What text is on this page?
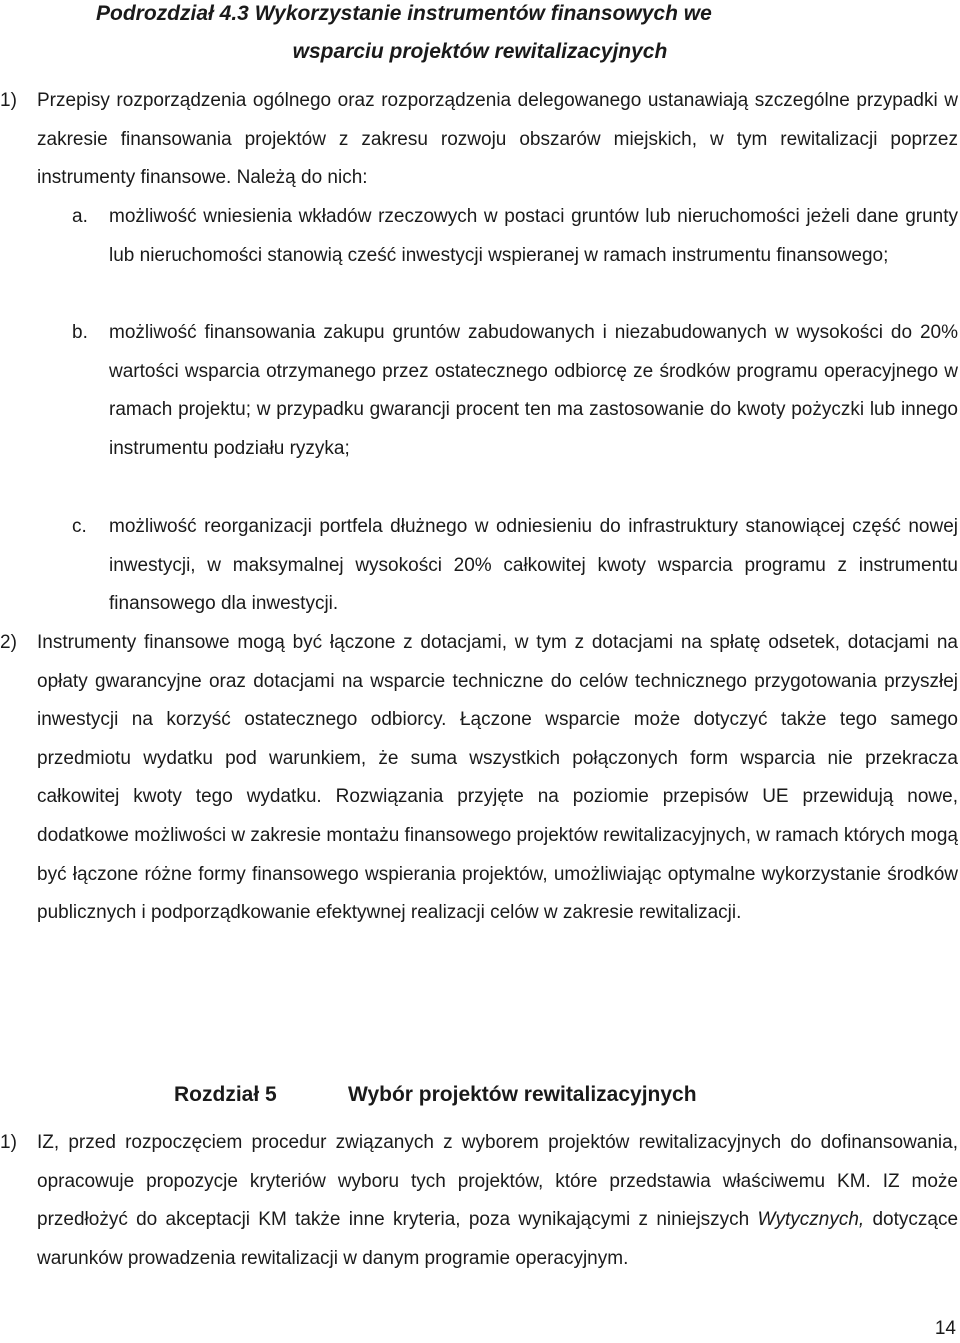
Podrozdział 4.3 Wykorzystanie instrumentów finansowych we
wsparciu projektów rewitalizacyjnych
1) Przepisy rozporządzenia ogólnego oraz rozporządzenia delegowanego ustanawiają szczególne przypadki w zakresie finansowania projektów z zakresu rozwoju obszarów miejskich, w tym rewitalizacji poprzez instrumenty finansowe. Należą do nich:

a. możliwość wniesienia wkładów rzeczowych w postaci gruntów lub nieruchomości jeżeli dane grunty lub nieruchomości stanowią cześć inwestycji wspieranej w ramach instrumentu finansowego;

b. możliwość finansowania zakupu gruntów zabudowanych i niezabudowanych w wysokości do 20% wartości wsparcia otrzymanego przez ostatecznego odbiorcę ze środków programu operacyjnego w ramach projektu; w przypadku gwarancji procent ten ma zastosowanie do kwoty pożyczki lub innego instrumentu podziału ryzyka;

c. możliwość reorganizacji portfela dłużnego w odniesieniu do infrastruktury stanowiącej część nowej inwestycji, w maksymalnej wysokości 20% całkowitej kwoty wsparcia programu z instrumentu finansowego dla inwestycji.

2) Instrumenty finansowe mogą być łączone z dotacjami, w tym z dotacjami na spłatę odsetek, dotacjami na opłaty gwarancyjne oraz dotacjami na wsparcie techniczne do celów technicznego przygotowania przyszłej inwestycji na korzyść ostatecznego odbiorcy. Łączone wsparcie może dotyczyć także tego samego przedmiotu wydatku pod warunkiem, że suma wszystkich połączonych form wsparcia nie przekracza całkowitej kwoty tego wydatku. Rozwiązania przyjęte na poziomie przepisów UE przewidują nowe, dodatkowe możliwości w zakresie montażu finansowego projektów rewitalizacyjnych, w ramach których mogą być łączone różne formy finansowego wspierania projektów, umożliwiając optymalne wykorzystanie środków publicznych i podporządkowanie efektywnej realizacji celów w zakresie rewitalizacji.

Rozdział 5	Wybór projektów rewitalizacyjnych
1) IZ, przed rozpoczęciem procedur związanych z wyborem projektów rewitalizacyjnych do dofinansowania, opracowuje propozycje kryteriów wyboru tych projektów, które przedstawia właściwemu KM. IZ może przedłożyć do akceptacji KM także inne kryteria, poza wynikającymi z niniejszych Wytycznych, dotyczące warunków prowadzenia rewitalizacji w danym programie operacyjnym.

14
